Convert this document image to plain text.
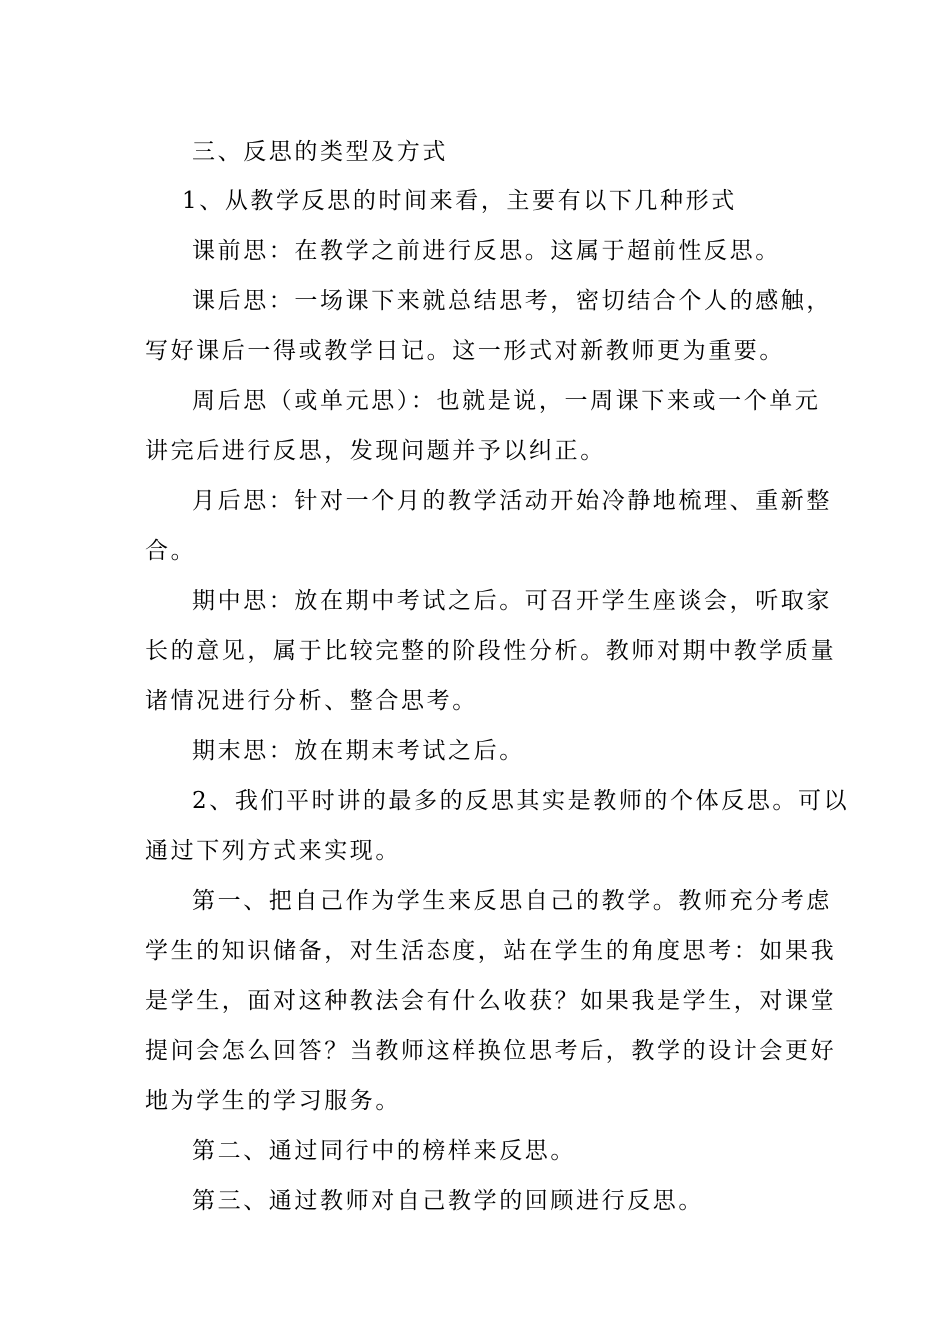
三、反思的类型及方式
1、从教学反思的时间来看，主要有以下几种形式
课前思：在教学之前进行反思。这属于超前性反思。
课后思：一场课下来就总结思考，密切结合个人的感触，
写好课后一得或教学日记。这一形式对新教师更为重要。
周后思（或单元思）：也就是说，一周课下来或一个单元
讲完后进行反思，发现问题并予以纠正。
月后思：针对一个月的教学活动开始冷静地梳理、重新整
合。
期中思：放在期中考试之后。可召开学生座谈会，听取家
长的意见，属于比较完整的阶段性分析。教师对期中教学质量
诸情况进行分析、整合思考。
期末思：放在期末考试之后。
2、我们平时讲的最多的反思其实是教师的个体反思。可以
通过下列方式来实现。
第一、把自己作为学生来反思自己的教学。教师充分考虑
学生的知识储备，对生活态度，站在学生的角度思考：如果我
是学生，面对这种教法会有什么收获？如果我是学生，对课堂
提问会怎么回答？当教师这样换位思考后，教学的设计会更好
地为学生的学习服务。
第二、通过同行中的榜样来反思。
第三、通过教师对自己教学的回顾进行反思。
